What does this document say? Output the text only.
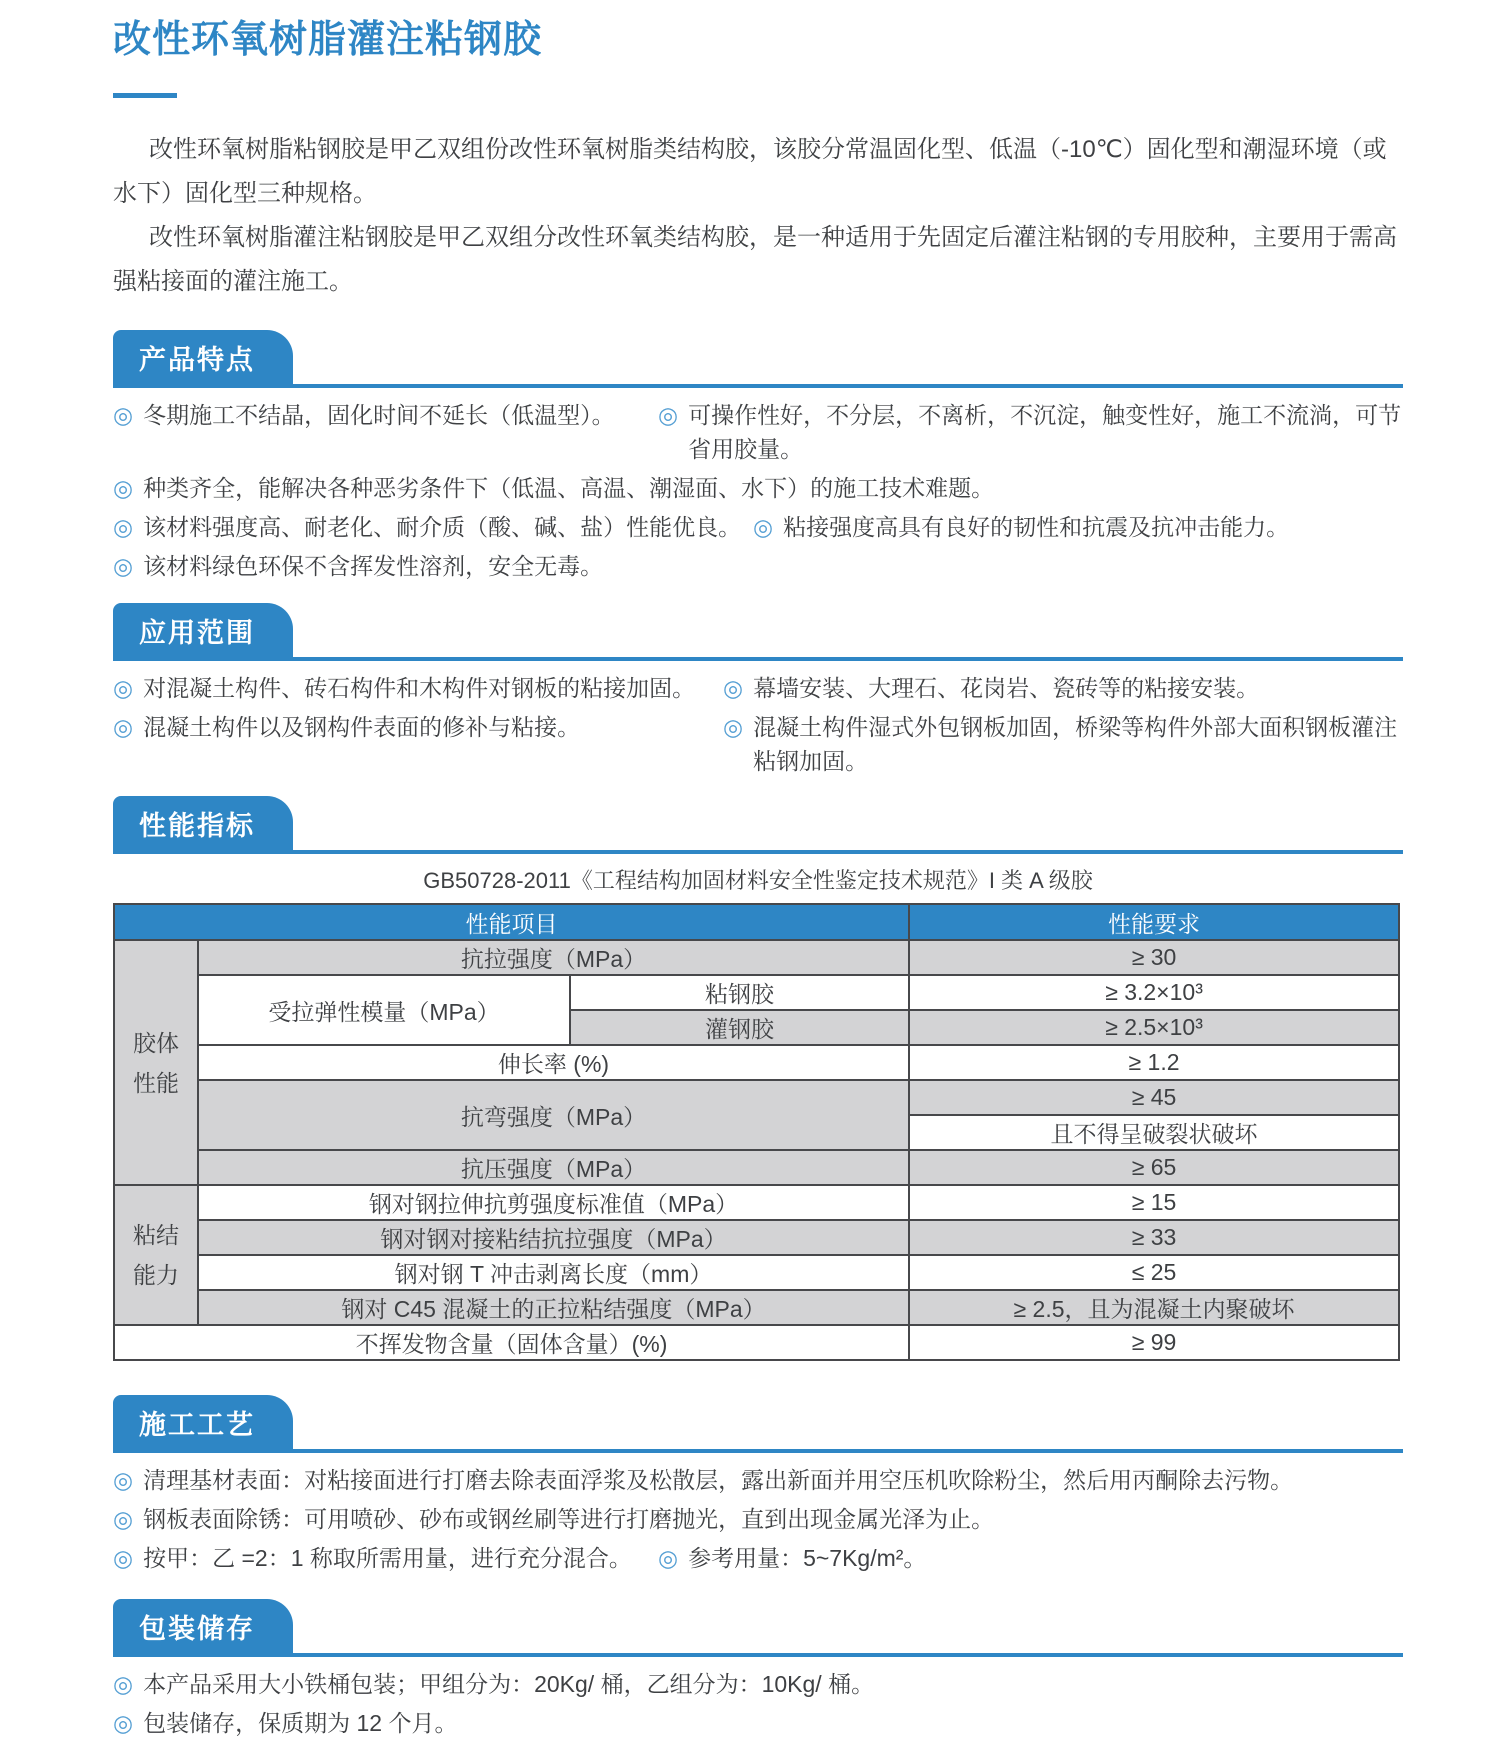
改性环氧树脂灌注粘钢胶

改性环氧树脂粘钢胶是甲乙双组份改性环氧树脂类结构胶，该胶分常温固化型、低温（-10℃）固化型和潮湿环境（或水下）固化型三种规格。

改性环氧树脂灌注粘钢胶是甲乙双组分改性环氧类结构胶，是一种适用于先固定后灌注粘钢的专用胶种，主要用于需高强粘接面的灌注施工。

产品特点
◎ 冬期施工不结晶，固化时间不延长（低温型）。 ◎ 可操作性好，不分层，不离析，不沉淀，触变性好，施工不流淌，可节省用胶量。
◎ 种类齐全，能解决各种恶劣条件下（低温、高温、潮湿面、水下）的施工技术难题。
◎ 该材料强度高、耐老化、耐介质（酸、碱、盐）性能优良。 ◎ 粘接强度高具有良好的韧性和抗震及抗冲击能力。
◎ 该材料绿色环保不含挥发性溶剂，安全无毒。
应用范围
◎ 对混凝土构件、砖石构件和木构件对钢板的粘接加固。 ◎ 幕墙安装、大理石、花岗岩、瓷砖等的粘接安装。
◎ 混凝土构件以及钢构件表面的修补与粘接。	◎ 混凝土构件湿式外包钢板加固，桥梁等构件外部大面积钢板灌注粘钢加固。
性能指标
GB50728-2011《工程结构加固材料安全性鉴定技术规范》I 类 A 级胶
性能项目			性能要求
胶体性能	抗拉强度（MPa）		≥ 30
	受拉弹性模量（MPa）	粘钢胶	≥ 3.2×10³
		灌钢胶	≥ 2.5×10³
	伸长率 (%)		≥ 1.2
	抗弯强度（MPa）		≥ 45
			且不得呈破裂状破坏
	抗压强度（MPa）		≥ 65
粘结能力	钢对钢拉伸抗剪强度标准值（MPa）		≥ 15
	钢对钢对接粘结抗拉强度（MPa）		≥ 33
	钢对钢 T 冲击剥离长度（mm）		≤ 25
	钢对 C45 混凝土的正拉粘结强度（MPa）		≥ 2.5，且为混凝土内聚破坏
不挥发物含量（固体含量）(%)			≥ 99
施工工艺
◎ 清理基材表面：对粘接面进行打磨去除表面浮浆及松散层，露出新面并用空压机吹除粉尘，然后用丙酮除去污物。
◎ 钢板表面除锈：可用喷砂、砂布或钢丝刷等进行打磨抛光，直到出现金属光泽为止。
◎ 按甲：乙 =2：1 称取所需用量，进行充分混合。 ◎ 参考用量：5~7Kg/m²。
包装储存
◎ 本产品采用大小铁桶包装；甲组分为：20Kg/ 桶，乙组分为：10Kg/ 桶。
◎ 包装储存，保质期为 12 个月。
